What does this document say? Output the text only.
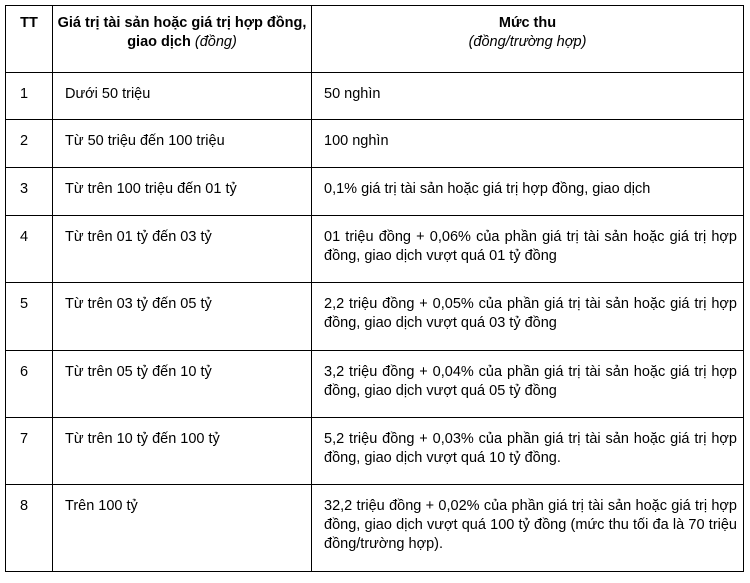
TT	Giá trị tài sản hoặc giá trị hợp đồng, giao dịch (đồng)	Mức thu
(đồng/trường hợp)

1	Dưới 50 triệu	50 nghìn
2	Từ 50 triệu đến 100 triệu	100 nghìn
3	Từ trên 100 triệu đến 01 tỷ	0,1% giá trị tài sản hoặc giá trị hợp đồng, giao dịch
4	Từ trên 01 tỷ đến 03 tỷ	01 triệu đồng + 0,06% của phần giá trị tài sản hoặc giá trị hợp đồng, giao dịch vượt quá 01 tỷ đồng
5	Từ trên 03 tỷ đến 05 tỷ	2,2 triệu đồng + 0,05% của phần giá trị tài sản hoặc giá trị hợp đồng, giao dịch vượt quá 03 tỷ đồng
6	Từ trên 05 tỷ đến 10 tỷ	3,2 triệu đồng + 0,04% của phần giá trị tài sản hoặc giá trị hợp đồng, giao dịch vượt quá 05 tỷ đồng
7	Từ trên 10 tỷ đến 100 tỷ	5,2 triệu đồng + 0,03% của phần giá trị tài sản hoặc giá trị hợp đồng, giao dịch vượt quá 10 tỷ đồng.
8	Trên 100 tỷ	32,2 triệu đồng + 0,02% của phần giá trị tài sản hoặc giá trị hợp đồng, giao dịch vượt quá 100 tỷ đồng (mức thu tối đa là 70 triệu đồng/trường hợp).
